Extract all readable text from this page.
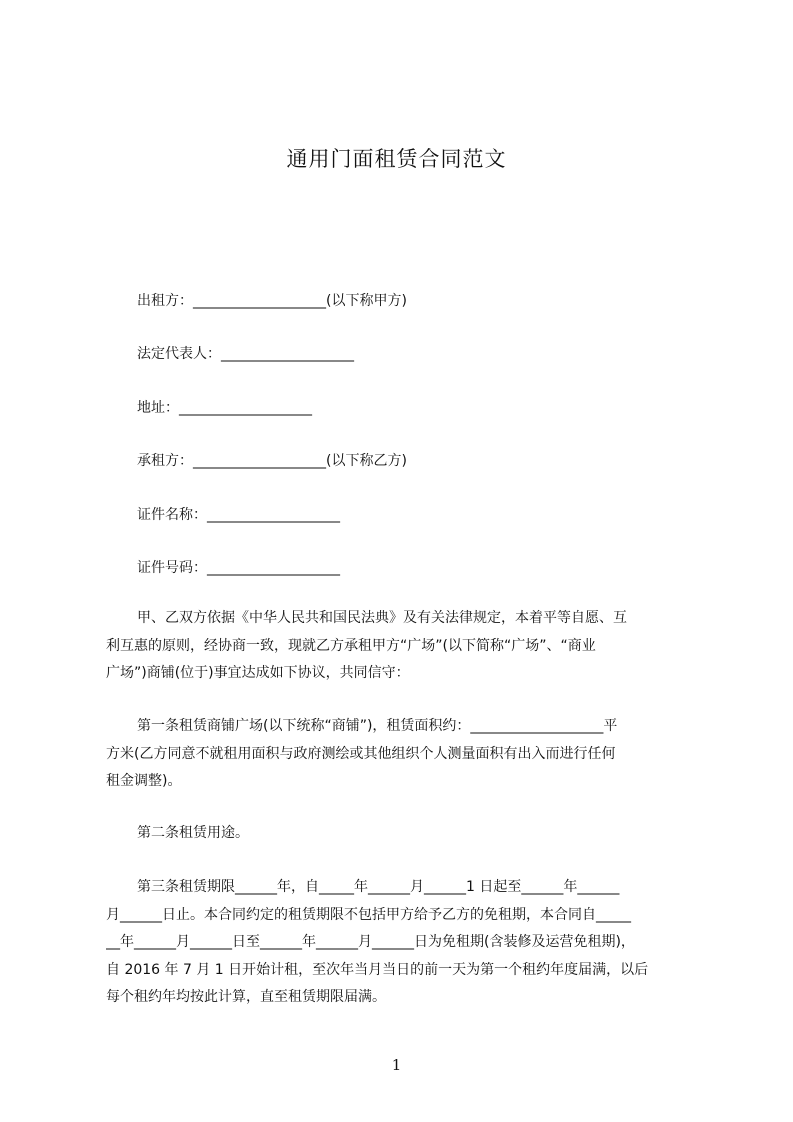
通用门面租赁合同范文
出租方：___________________(以下称甲方)
法定代表人：___________________
地址：___________________
承租方：___________________(以下称乙方)
证件名称：___________________
证件号码：___________________
甲、乙双方依据《中华人民共和国民法典》及有关法律规定，本着平等自愿、互
利互惠的原则，经协商一致，现就乙方承租甲方“广场”(以下简称“广场”、“商业
广场”)商铺(位于)事宜达成如下协议，共同信守：
第一条租赁商铺广场(以下统称“商铺”)，租赁面积约：___________________平
方米(乙方同意不就租用面积与政府测绘或其他组织个人测量面积有出入而进行任何
租金调整)。
第二条租赁用途。
第三条租赁期限______年，自_____年______月______1 日起至______年______
月______日止。本合同约定的租赁期限不包括甲方给予乙方的免租期，本合同自_____
__年______月______日至______年______月______日为免租期(含装修及运营免租期)，
自 2016 年 7 月 1 日开始计租，至次年当月当日的前一天为第一个租约年度届满，以后
每个租约年均按此计算，直至租赁期限届满。
1
